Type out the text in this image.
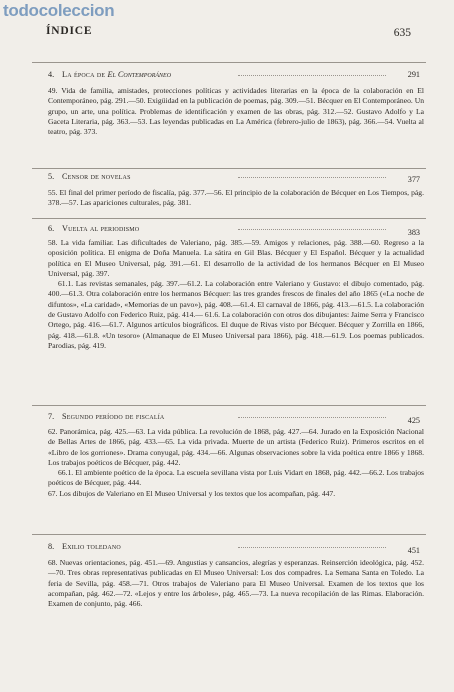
todocoleccion
ÍNDICE	635
4. La época de El Contemporáneo	291

49. Vida de familia, amistades, protecciones políticas y actividades literarias en la época de la colaboración en El Contemporáneo, pág. 291.—50. Exigüidad en la publicación de poemas, pág. 309.—51. Bécquer en El Contemporáneo. Un grupo, un arte, una política. Problemas de identificación y examen de las obras, pág. 312.—52. Gustavo Adolfo y La Gaceta Literaria, pág. 363.—53. Las leyendas publicadas en La América (febrero-julio de 1863), pág. 366.—54. Vuelta al teatro, pág. 373.

5. Censor de novelas	377

55. El final del primer período de fiscalía, pág. 377.—56. El principio de la colaboración de Bécquer en Los Tiempos, pág. 378.—57. Las apariciones culturales, pág. 381.

6. Vuelta al periodismo	383

58. La vida familiar. Las dificultades de Valeriano, pág. 385.—59. Amigos y relaciones, pág. 388.—60. Regreso a la oposición política. El enigma de Doña Manuela. La sátira en Gil Blas. Bécquer y El Español. Bécquer y la actualidad política en El Museo Universal, pág. 391.—61. El desarrollo de la actividad de los hermanos Bécquer en El Museo Universal, pág. 397.

61.1. Las revistas semanales, pág. 397.—61.2. La colaboración entre Valeriano y Gustavo: el dibujo comentado, pág. 400.—61.3. Otra colaboración entre los hermanos Bécquer: las tres grandes frescos de finales del año 1865 («La noche de difuntos», «La caridad», «Memorias de un pavo»), pág. 408.—61.4. El carnaval de 1866, pág. 413.—61.5. La colaboración de Gustavo Adolfo con Federico Ruiz, pág. 414.— 61.6. La colaboración con otros dos dibujantes: Jaime Serra y Francisco Ortego, pág. 416.—61.7. Algunos artículos biográficos. El duque de Rivas visto por Bécquer. Bécquer y Zorrilla en 1866, pág. 418.—61.8. «Un tesoro» (Almanaque de El Museo Universal para 1866), pág. 418.—61.9. Los poemas publicados. Parodias, pág. 419.

7. Segundo período de fiscalía	425

62. Panorámica, pág. 425.—63. La vida pública. La revolución de 1868, pág. 427.—64. Jurado en la Exposición Nacional de Bellas Artes de 1866, pág. 433.—65. La vida privada. Muerte de un artista (Federico Ruiz). Primeros escritos en el «Libro de los gorriones». Drama conyugal, pág. 434.—66. Algunas observaciones sobre la vida poética entre 1866 y 1868. Los trabajos poéticos de Bécquer, pág. 442.

66.1. El ambiente poético de la época. La escuela sevillana vista por Luis Vidart en 1868, pág. 442.—66.2. Los trabajos poéticos de Bécquer, pág. 444.

67. Los dibujos de Valeriano en El Museo Universal y los textos que los acompañan, pág. 447.

8. Exilio toledano	451

68. Nuevas orientaciones, pág. 451.—69. Angustias y cansancios, alegrías y esperanzas. Reinserción ideológica, pág. 452.—70. Tres obras representativas publicadas en El Museo Universal: Los dos compadres. La Semana Santa en Toledo. La feria de Sevilla, pág. 458.—71. Otros trabajos de Valeriano para El Museo Universal. Examen de los textos que los acompañan, pág. 462.—72. «Lejos y entre los árboles», pág. 465.—73. La nueva recopilación de las Rimas. Elaboración. Examen de conjunto, pág. 466.
